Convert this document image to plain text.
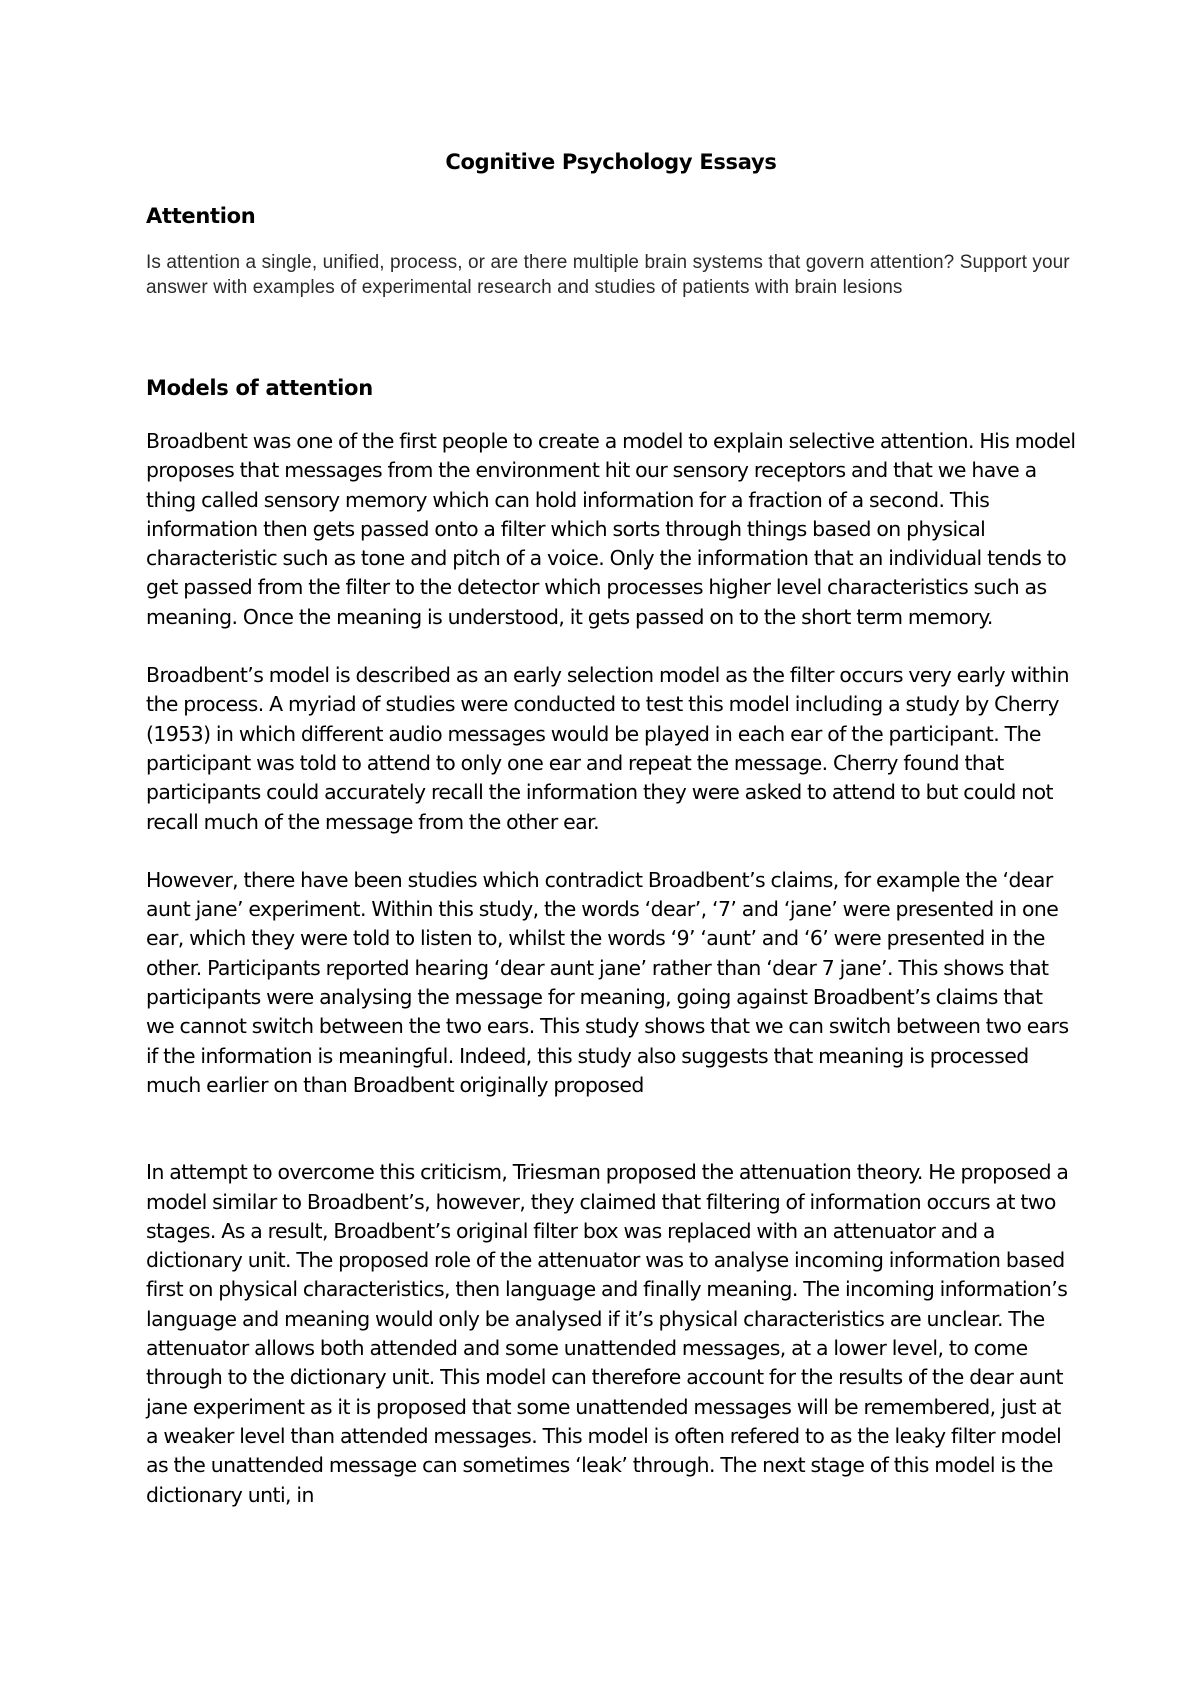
Cognitive Psychology Essays
Attention
Is attention a single, unified, process, or are there multiple brain systems that govern attention? Support your answer with examples of experimental research and studies of patients with brain lesions
Models of attention
Broadbent was one of the first people to create a model to explain selective attention. His model proposes that messages from the environment hit our sensory receptors and that we have a thing called sensory memory which can hold information for a fraction of a second. This information then gets passed onto a filter which sorts through things based on physical characteristic such as tone and pitch of a voice. Only the information that an individual tends to get passed from the filter to the detector which processes higher level characteristics such as meaning. Once the meaning is understood, it gets passed on to the short term memory.
Broadbent’s model is described as an early selection model as the filter occurs very early within the process. A myriad of studies were conducted to test this model including a study by Cherry (1953) in which different audio messages would be played in each ear of the participant. The participant was told to attend to only one ear and repeat the message. Cherry found that participants could accurately recall the information they were asked to attend to but could not recall much of the message from the other ear.
However, there have been studies which contradict Broadbent’s claims, for example the ‘dear aunt jane’ experiment. Within this study, the words ‘dear’, ‘7’ and ‘jane’ were presented in one ear, which they were told to listen to, whilst the words ‘9’ ‘aunt’ and ‘6’ were presented in the other. Participants reported hearing ‘dear aunt jane’ rather than ‘dear 7 jane’. This shows that participants were analysing the message for meaning, going against Broadbent’s claims that we cannot switch between the two ears. This study shows that we can switch between two ears if the information is meaningful. Indeed, this study also suggests that meaning is processed much earlier on than Broadbent originally proposed
In attempt to overcome this criticism, Triesman proposed the attenuation theory. He proposed a model similar to Broadbent’s, however, they claimed that filtering of information occurs at two stages. As a result, Broadbent’s original filter box was replaced with an attenuator and a dictionary unit. The proposed role of the attenuator was to analyse incoming information based first on physical characteristics, then language and finally meaning. The incoming information’s language and meaning would only be analysed if it’s physical characteristics are unclear. The attenuator allows both attended and some unattended messages, at a lower level, to come through to the dictionary unit. This model can therefore account for the results of the dear aunt jane experiment as it is proposed that some unattended messages will be remembered, just at a weaker level than attended messages. This model is often refered to as the leaky filter model as the unattended message can sometimes ‘leak’ through. The next stage of this model is the dictionary unti, in
